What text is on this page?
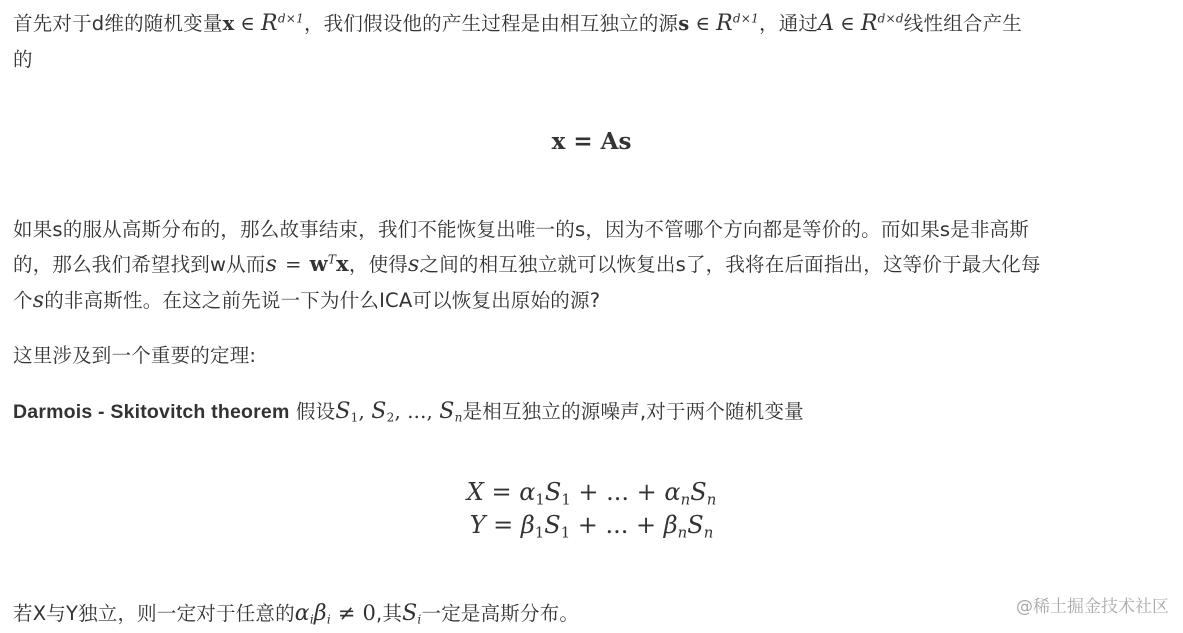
首先对于d维的随机变量x ∈ $R^{d\times 1}$，我们假设他的产生过程是由相互独立的源s ∈ $R^{d\times 1}$，通过A ∈ $R^{d\times d}$线性组合产生
的
x = As
如果s的服从高斯分布的，那么故事结束，我们不能恢复出唯一的s，因为不管哪个方向都是等价的。而如果s是非高斯
的，那么我们希望找到w从而$s = w^Tx$，使得s之间的相互独立就可以恢复出s了，我将在后面指出，这等价于最大化每
个s的非高斯性。在这之前先说一下为什么ICA可以恢复出原始的源?
这里涉及到一个重要的定理:
Darmois - Skitovitch theorem 假设$S_1$, $S_2$, ..., $S_n$是相互独立的源噪声,对于两个随机变量
$X = \alpha_1S_1$ + ... + $\alpha_nS_n$
$Y = \beta_1S_1$ + ... + $\beta_nS_n$
若X与Y独立，则一定对于任意的$\alpha_i\beta_i \ne 0$,其$S_i$一定是高斯分布。	@稀土掘金技术社区
